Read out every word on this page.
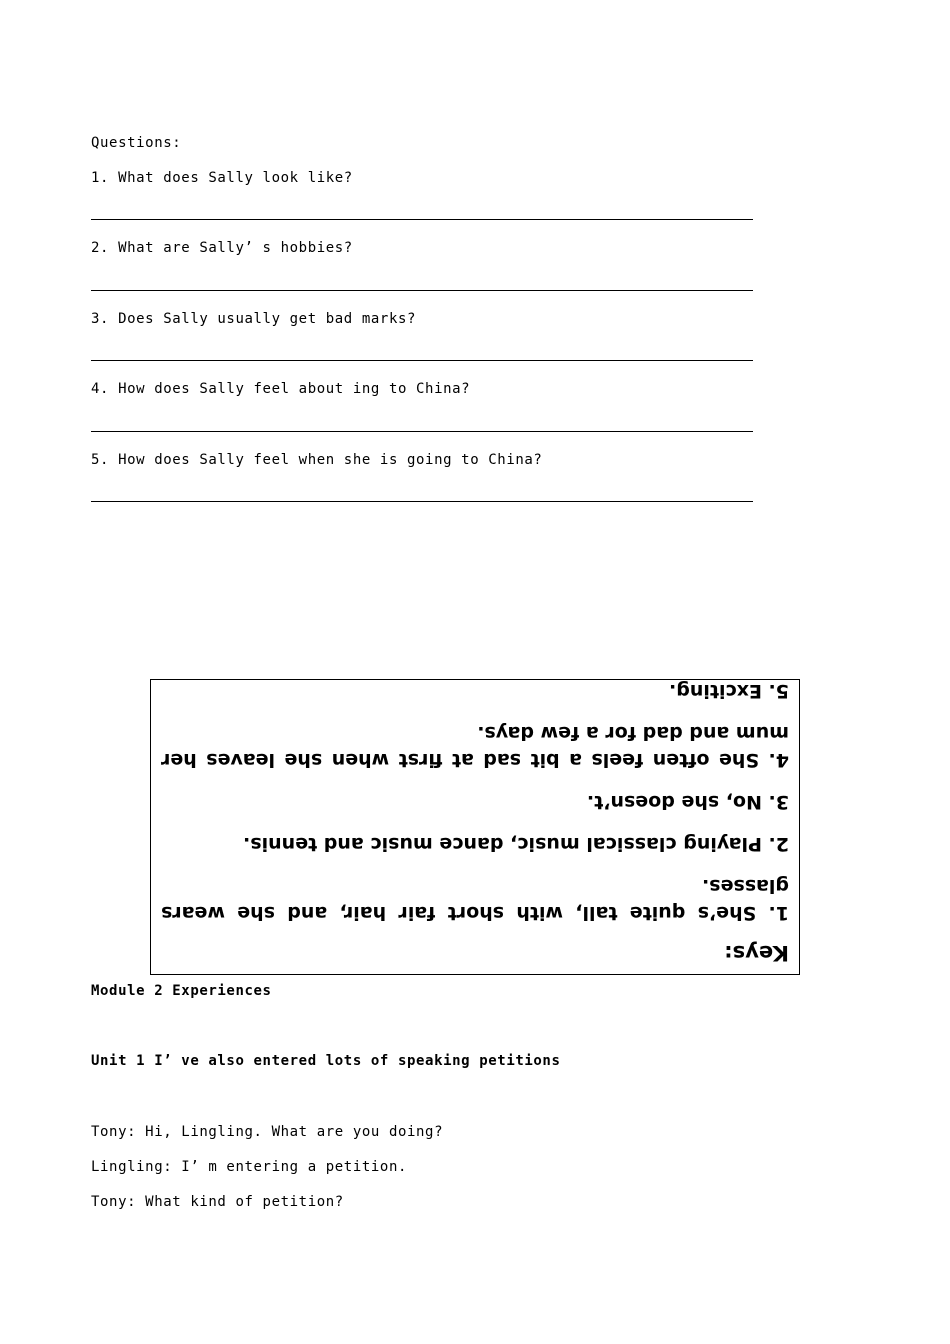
Questions:
1. What does Sally look like?
2. What are Sally’ s hobbies?
3. Does Sally usually get bad marks?
4. How does Sally feel about ing to China?
5. How does Sally feel when she is going to China?

Keys:

1. She’s quite tall, with short fair hair, and she wears

glasses.

2. Playing classical music, dance music and tennis.

3. No, she doesn’t.

4. She often feels a bit sad at first when she leaves her

mum and dad for a few days.

5. Exciting.

Module 2 Experiences
Unit 1 I’ ve also entered lots of speaking petitions
Tony: Hi, Lingling. What are you doing?
Lingling: I’ m entering a petition.
Tony: What kind of petition?
